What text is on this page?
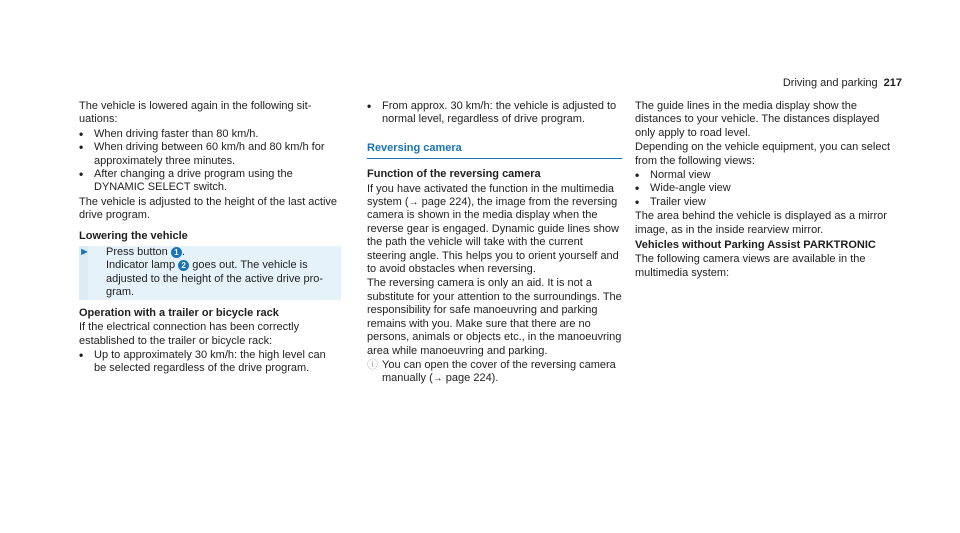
Driving and parking 217

The vehicle is lowered again in the following situations:

• When driving faster than 80 km/h.
• When driving between 60 km/h and 80 km/h for approximately three minutes.
• After changing a drive program using the DYNAMIC SELECT switch.

The vehicle is adjusted to the height of the last active drive program.

Lowering the vehicle
► Press button 1 .
Indicator lamp 2 goes out. The vehicle is adjusted to the height of the active drive program.
Operation with a trailer or bicycle rack

If the electrical connection has been correctly established to the trailer or bicycle rack:

• Up to approximately 30 km/h: the high level can be selected regardless of the drive program.
• From approx. 30 km/h: the vehicle is adjusted to normal level, regardless of drive program.
Reversing camera
Function of the reversing camera

If you have activated the function in the multimedia system (→ page 224), the image from the reversing camera is shown in the media display when the reverse gear is engaged. Dynamic guide lines show the path the vehicle will take with the current steering angle. This helps you to orient yourself and to avoid obstacles when reversing.

The reversing camera is only an aid. It is not a substitute for your attention to the surroundings. The responsibility for safe manoeuvring and parking remains with you. Make sure that there are no persons, animals or objects etc., in the manoeuvring area while manoeuvring and parking.

ⓘ You can open the cover of the reversing camera manually (→ page 224).

The guide lines in the media display show the distances to your vehicle. The distances displayed only apply to road level.

Depending on the vehicle equipment, you can select from the following views:

• Normal view
• Wide-angle view
• Trailer view

The area behind the vehicle is displayed as a mirror image, as in the inside rearview mirror.

Vehicles without Parking Assist PARKTRONIC

The following camera views are available in the multimedia system:
